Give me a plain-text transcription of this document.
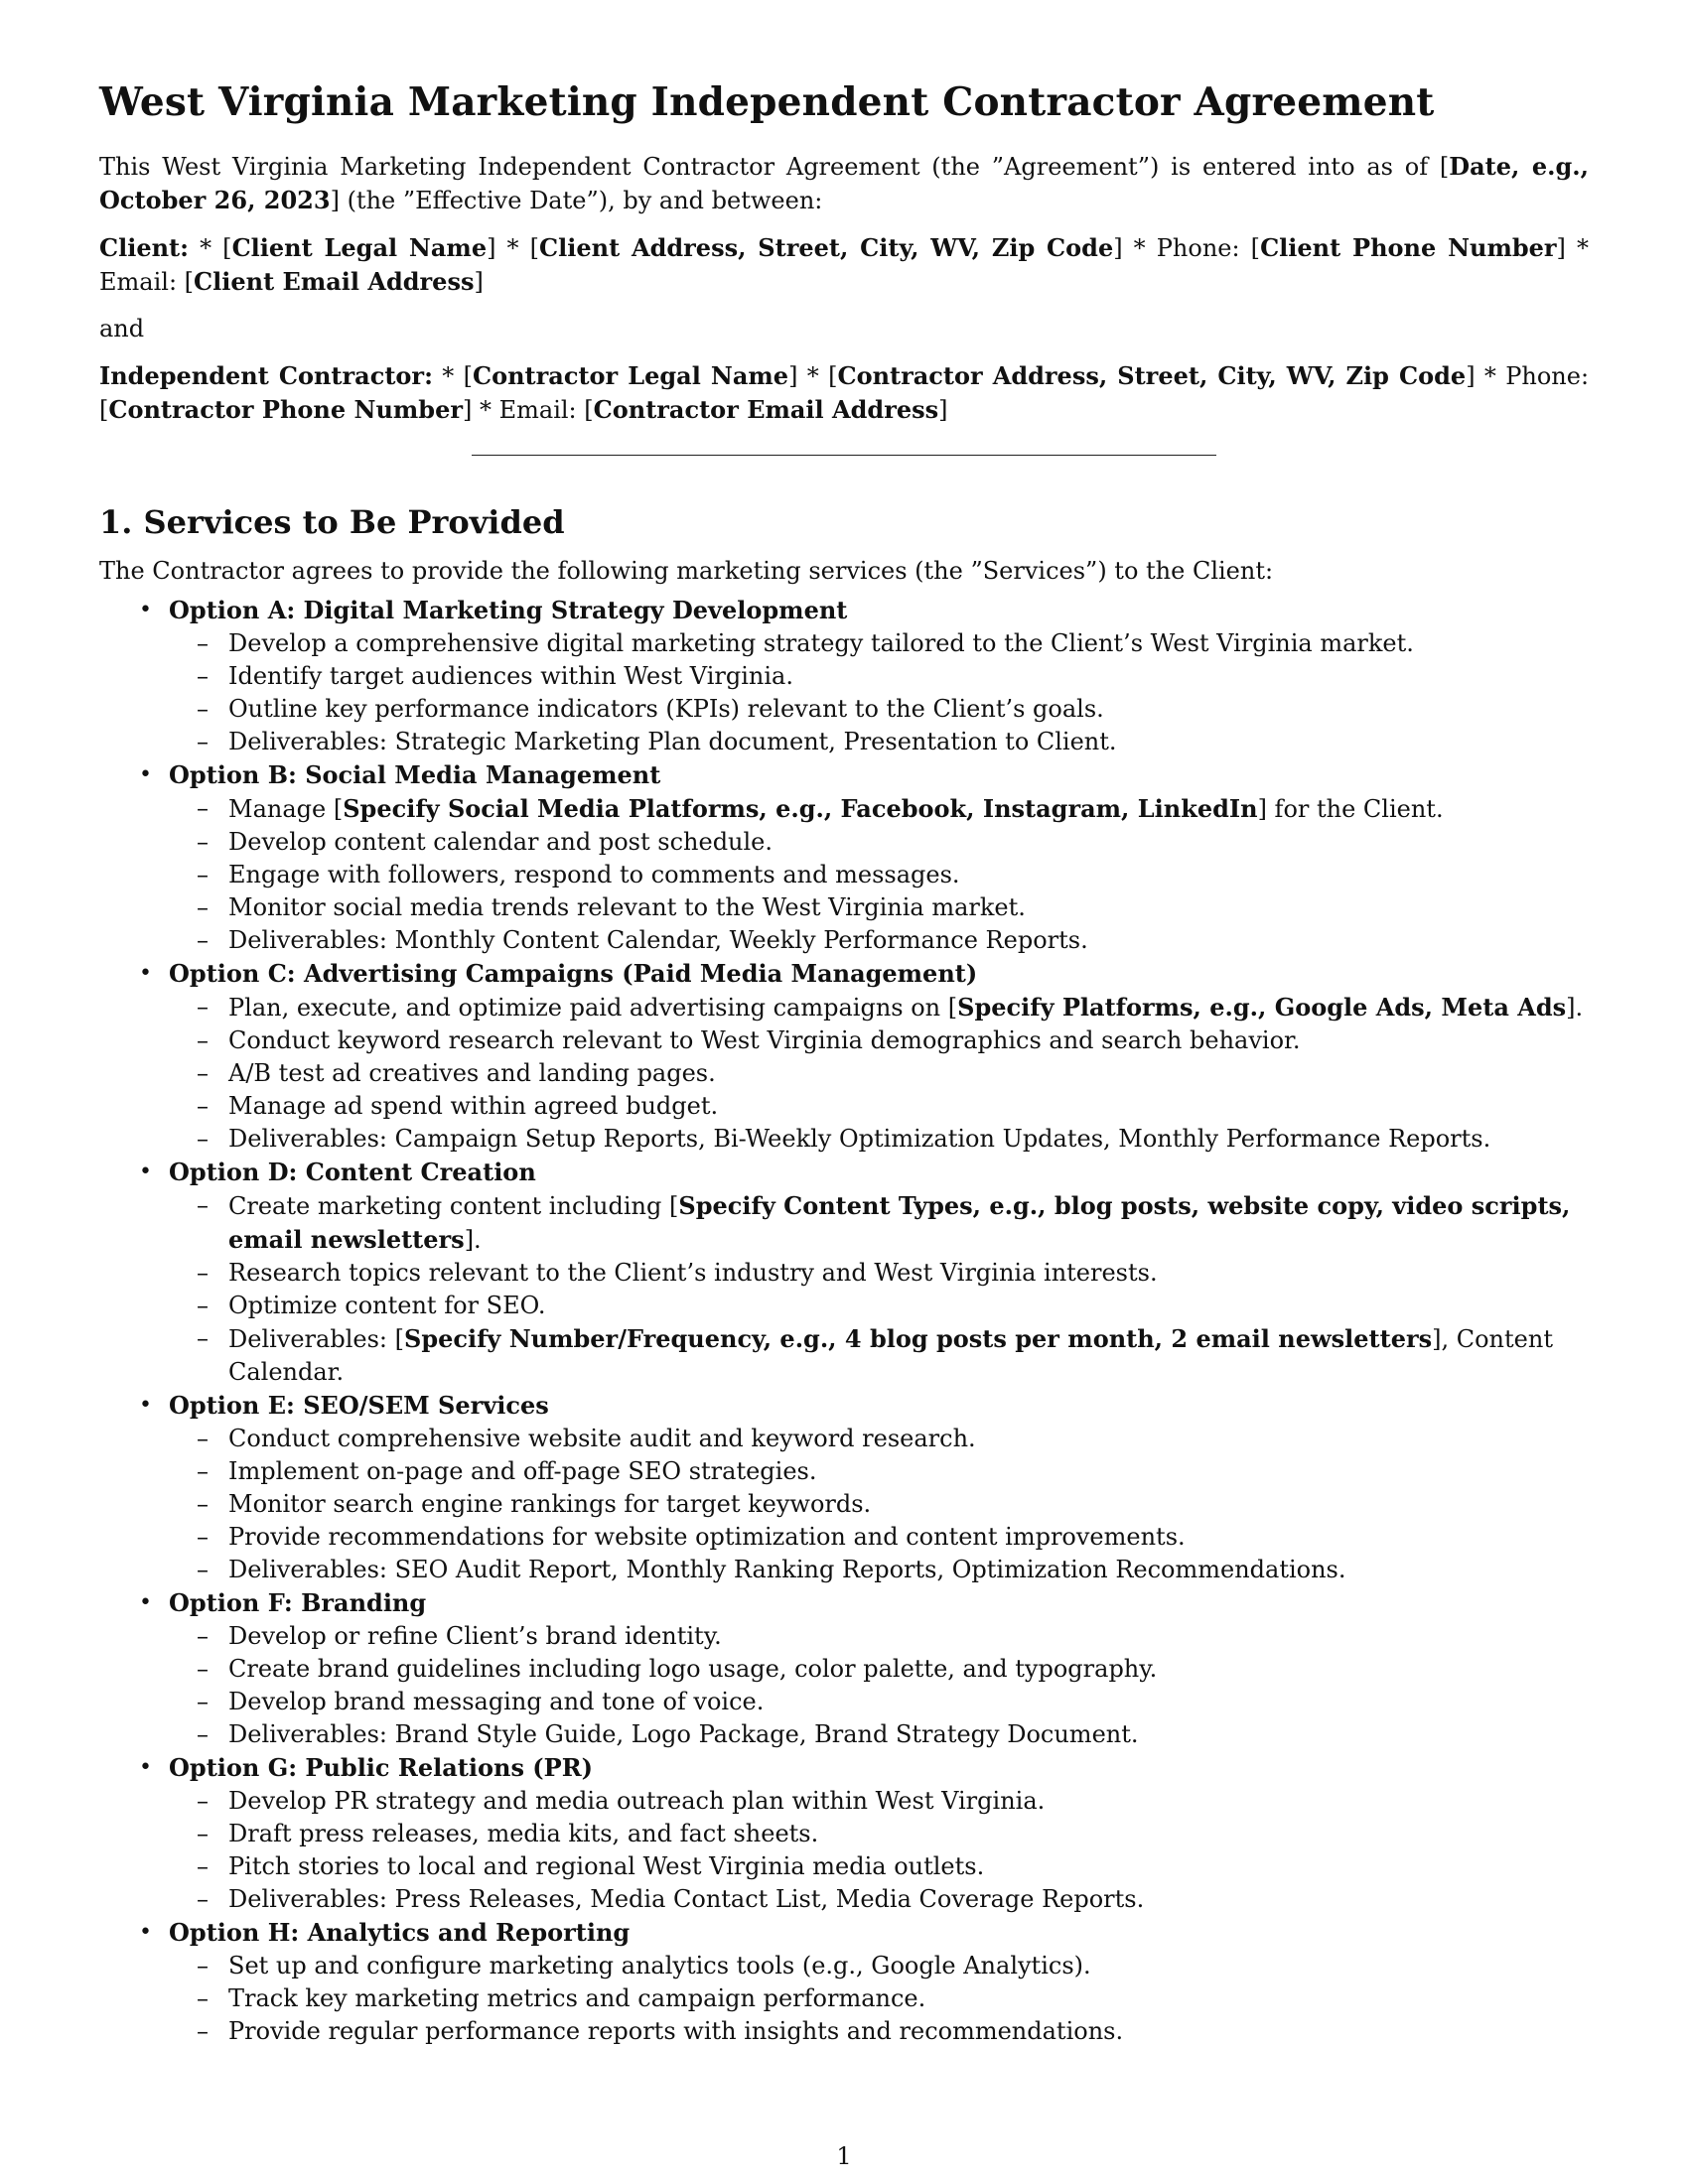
West Virginia Marketing Independent Contractor Agreement

This West Virginia Marketing Independent Contractor Agreement (the ”Agreement”) is entered into as of [Date, e.g., October 26, 2023] (the ”Effective Date”), by and between:

Client: * [Client Legal Name] * [Client Address, Street, City, WV, Zip Code] * Phone: [Client Phone Number] * Email: [Client Email Address]

and

Independent Contractor: * [Contractor Legal Name] * [Contractor Address, Street, City, WV, Zip Code] * Phone: [Contractor Phone Number] * Email: [Contractor Email Address]

1. Services to Be Provided

The Contractor agrees to provide the following marketing services (the ”Services”) to the Client:

• Option A: Digital Marketing Strategy Development
– Develop a comprehensive digital marketing strategy tailored to the Client’s West Virginia market.
– Identify target audiences within West Virginia.
– Outline key performance indicators (KPIs) relevant to the Client’s goals.
– Deliverables: Strategic Marketing Plan document, Presentation to Client.
• Option B: Social Media Management
– Manage [Specify Social Media Platforms, e.g., Facebook, Instagram, LinkedIn] for the Client.
– Develop content calendar and post schedule.
– Engage with followers, respond to comments and messages.
– Monitor social media trends relevant to the West Virginia market.
– Deliverables: Monthly Content Calendar, Weekly Performance Reports.
• Option C: Advertising Campaigns (Paid Media Management)
– Plan, execute, and optimize paid advertising campaigns on [Specify Platforms, e.g., Google Ads, Meta Ads].
– Conduct keyword research relevant to West Virginia demographics and search behavior.
– A/B test ad creatives and landing pages.
– Manage ad spend within agreed budget.
– Deliverables: Campaign Setup Reports, Bi-Weekly Optimization Updates, Monthly Performance Reports.
• Option D: Content Creation
– Create marketing content including [Specify Content Types, e.g., blog posts, website copy, video scripts, email newsletters].
– Research topics relevant to the Client’s industry and West Virginia interests.
– Optimize content for SEO.
– Deliverables: [Specify Number/Frequency, e.g., 4 blog posts per month, 2 email newsletters], Content Calendar.
• Option E: SEO/SEM Services
– Conduct comprehensive website audit and keyword research.
– Implement on-page and off-page SEO strategies.
– Monitor search engine rankings for target keywords.
– Provide recommendations for website optimization and content improvements.
– Deliverables: SEO Audit Report, Monthly Ranking Reports, Optimization Recommendations.
• Option F: Branding
– Develop or refine Client’s brand identity.
– Create brand guidelines including logo usage, color palette, and typography.
– Develop brand messaging and tone of voice.
– Deliverables: Brand Style Guide, Logo Package, Brand Strategy Document.
• Option G: Public Relations (PR)
– Develop PR strategy and media outreach plan within West Virginia.
– Draft press releases, media kits, and fact sheets.
– Pitch stories to local and regional West Virginia media outlets.
– Deliverables: Press Releases, Media Contact List, Media Coverage Reports.
• Option H: Analytics and Reporting
– Set up and configure marketing analytics tools (e.g., Google Analytics).
– Track key marketing metrics and campaign performance.
– Provide regular performance reports with insights and recommendations.
1
